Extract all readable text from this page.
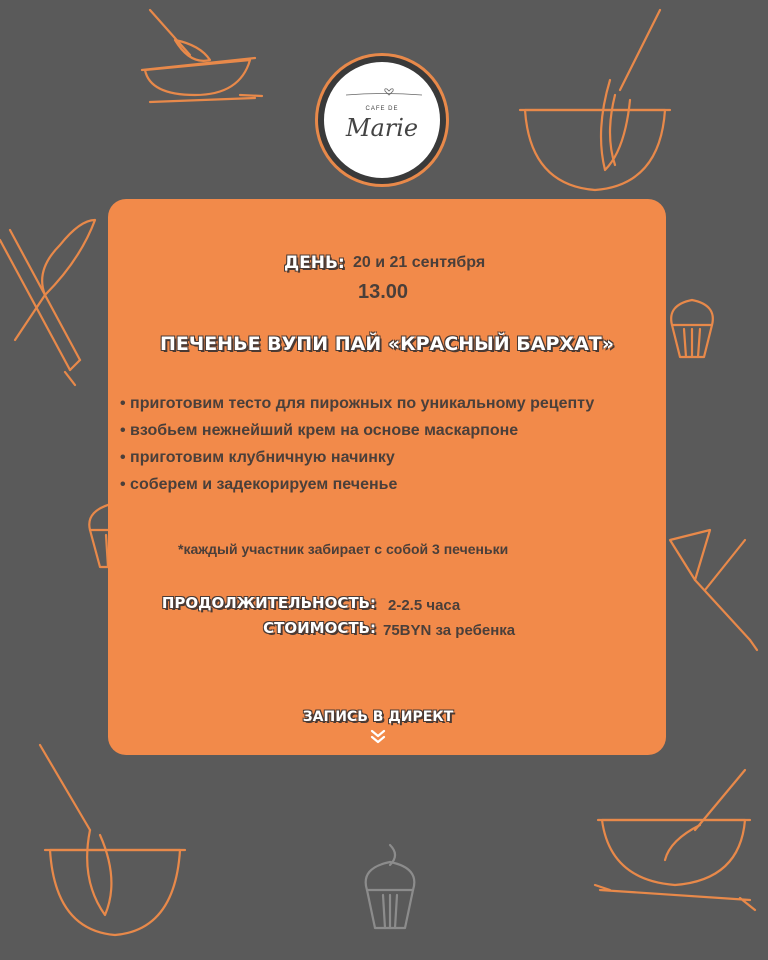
CAFE DE
Marie
ДЕНЬ: 20 и 21 сентября
13.00
ПЕЧЕНЬЕ ВУПИ ПАЙ «КРАСНЫЙ БАРХАТ»
• приготовим тесто для пирожных по уникальному рецепту
• взобьем нежнейший крем на основе маскарпоне
• приготовим клубничную начинку
• соберем и задекорируем печенье
*каждый участник забирает с собой 3 печеньки
ПРОДОЛЖИТЕЛЬНОСТЬ: 2-2.5 часа
СТОИМОСТЬ: 75BYN за ребенка
ЗАПИСЬ В ДИРЕКТ
